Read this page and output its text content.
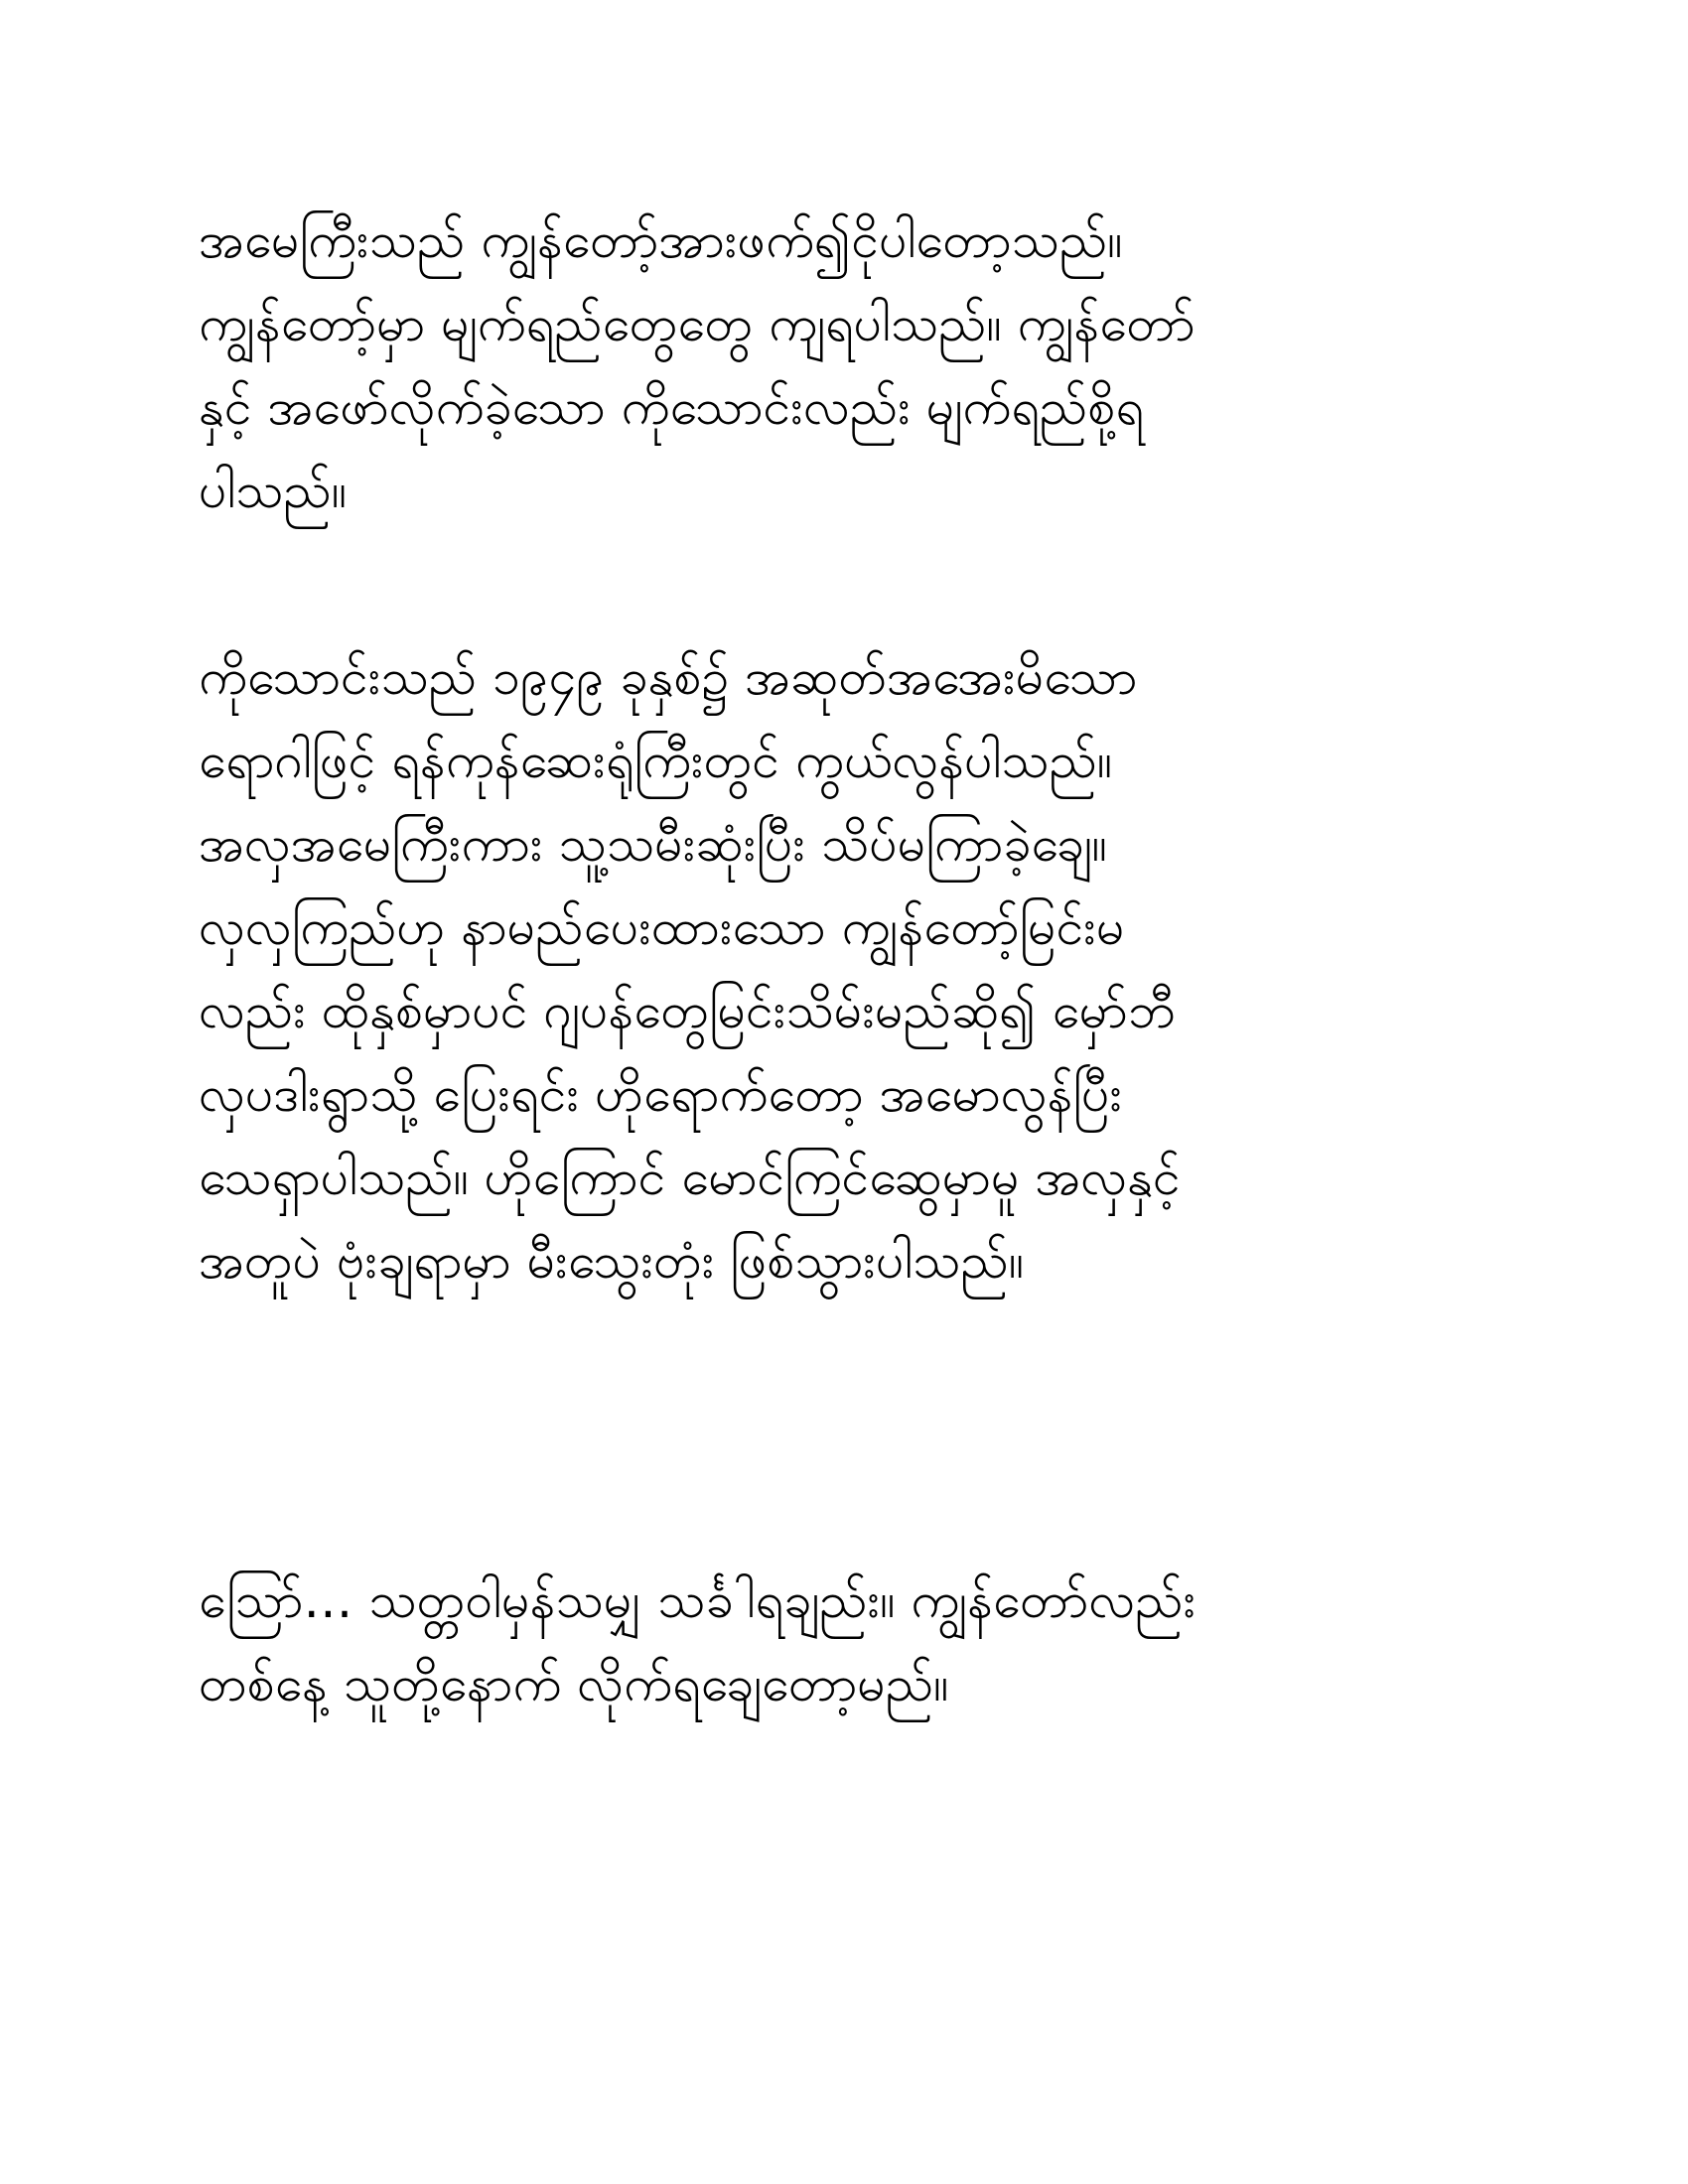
အမေကြီးသည် ကျွန်တော့်အားဖက်၍ငိုပါတော့သည်။
ကျွန်တော့်မှာ မျက်ရည်တွေတွေ ကျရပါသည်။ ကျွန်တော်
နှင့် အဖော်လိုက်ခဲ့သော ကိုသောင်းလည်း မျက်ရည်စို့ရ
ပါသည်။
ကိုသောင်းသည် ၁၉၄၉ ခုနှစ်၌ အဆုတ်အအေးမိသော
ရောဂါဖြင့် ရန်ကုန်ဆေးရုံကြီးတွင် ကွယ်လွန်ပါသည်။
အလှအမေကြီးကား သူ့သမီးဆုံးပြီး သိပ်မကြာခဲ့ချေ။
လှလှကြည်ဟု နာမည်ပေးထားသော ကျွန်တော့်မြင်းမ
လည်း ထိုနှစ်မှာပင် ဂျပန်တွေမြင်းသိမ်းမည်ဆို၍ မှော်ဘီ
လှပဒါးရွာသို့ ပြေးရင်း ဟိုရောက်တော့ အမောလွန်ပြီး
သေရှာပါသည်။ ဟိုကြောင် မောင်ကြင်ဆွေမှာမူ အလှနှင့်
အတူပဲ ဗုံးချရာမှာ မီးသွေးတုံး ဖြစ်သွားပါသည်။
သြော်… သတ္တဝါမှန်သမျှ သင်္ခါရချည်း။ ကျွန်တော်လည်း
တစ်နေ့ သူတို့နောက် လိုက်ရချေတော့မည်။
